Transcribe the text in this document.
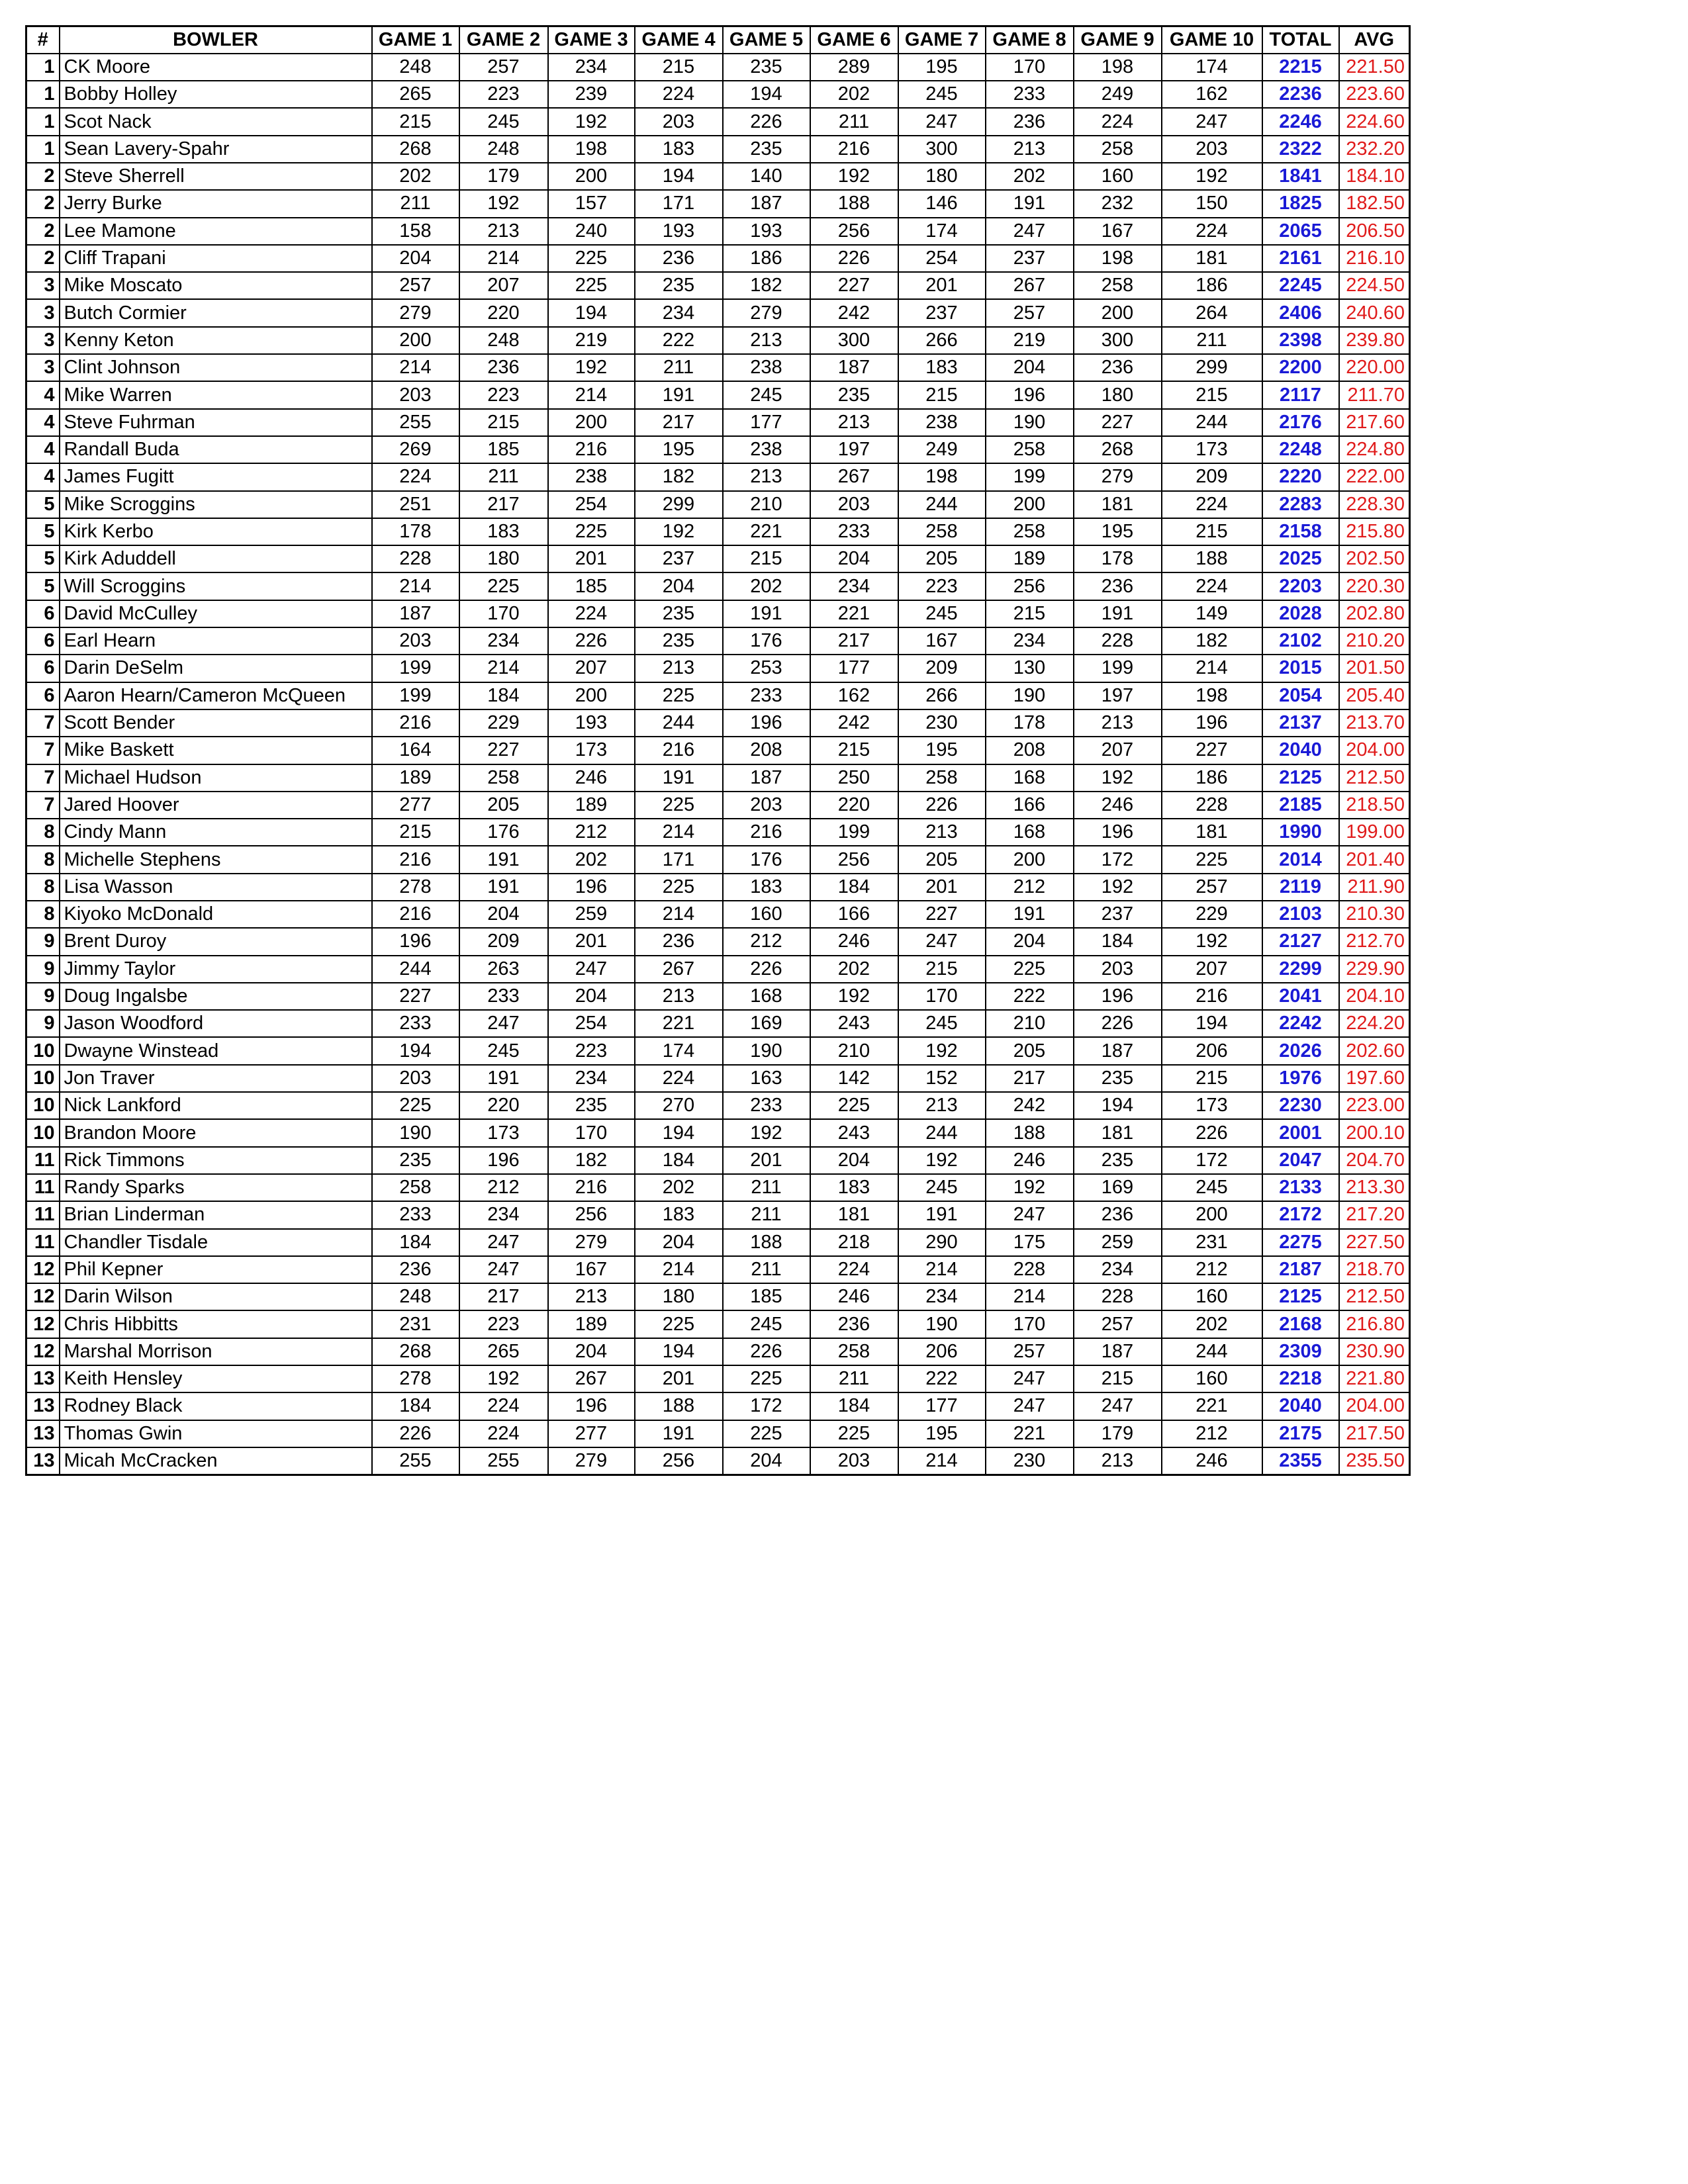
#	BOWLER	GAME 1	GAME 2	GAME 3	GAME 4	GAME 5	GAME 6	GAME 7	GAME 8	GAME 9	GAME 10	TOTAL	AVG
1	CK Moore	248	257	234	215	235	289	195	170	198	174	2215	221.50
1	Bobby Holley	265	223	239	224	194	202	245	233	249	162	2236	223.60
1	Scot Nack	215	245	192	203	226	211	247	236	224	247	2246	224.60
1	Sean Lavery-Spahr	268	248	198	183	235	216	300	213	258	203	2322	232.20
2	Steve Sherrell	202	179	200	194	140	192	180	202	160	192	1841	184.10
2	Jerry Burke	211	192	157	171	187	188	146	191	232	150	1825	182.50
2	Lee Mamone	158	213	240	193	193	256	174	247	167	224	2065	206.50
2	Cliff Trapani	204	214	225	236	186	226	254	237	198	181	2161	216.10
3	Mike Moscato	257	207	225	235	182	227	201	267	258	186	2245	224.50
3	Butch Cormier	279	220	194	234	279	242	237	257	200	264	2406	240.60
3	Kenny Keton	200	248	219	222	213	300	266	219	300	211	2398	239.80
3	Clint Johnson	214	236	192	211	238	187	183	204	236	299	2200	220.00
4	Mike Warren	203	223	214	191	245	235	215	196	180	215	2117	211.70
4	Steve Fuhrman	255	215	200	217	177	213	238	190	227	244	2176	217.60
4	Randall Buda	269	185	216	195	238	197	249	258	268	173	2248	224.80
4	James Fugitt	224	211	238	182	213	267	198	199	279	209	2220	222.00
5	Mike Scroggins	251	217	254	299	210	203	244	200	181	224	2283	228.30
5	Kirk Kerbo	178	183	225	192	221	233	258	258	195	215	2158	215.80
5	Kirk Aduddell	228	180	201	237	215	204	205	189	178	188	2025	202.50
5	Will Scroggins	214	225	185	204	202	234	223	256	236	224	2203	220.30
6	David McCulley	187	170	224	235	191	221	245	215	191	149	2028	202.80
6	Earl Hearn	203	234	226	235	176	217	167	234	228	182	2102	210.20
6	Darin DeSelm	199	214	207	213	253	177	209	130	199	214	2015	201.50
6	Aaron Hearn/Cameron McQueen	199	184	200	225	233	162	266	190	197	198	2054	205.40
7	Scott Bender	216	229	193	244	196	242	230	178	213	196	2137	213.70
7	Mike Baskett	164	227	173	216	208	215	195	208	207	227	2040	204.00
7	Michael Hudson	189	258	246	191	187	250	258	168	192	186	2125	212.50
7	Jared Hoover	277	205	189	225	203	220	226	166	246	228	2185	218.50
8	Cindy Mann	215	176	212	214	216	199	213	168	196	181	1990	199.00
8	Michelle Stephens	216	191	202	171	176	256	205	200	172	225	2014	201.40
8	Lisa Wasson	278	191	196	225	183	184	201	212	192	257	2119	211.90
8	Kiyoko McDonald	216	204	259	214	160	166	227	191	237	229	2103	210.30
9	Brent Duroy	196	209	201	236	212	246	247	204	184	192	2127	212.70
9	Jimmy Taylor	244	263	247	267	226	202	215	225	203	207	2299	229.90
9	Doug Ingalsbe	227	233	204	213	168	192	170	222	196	216	2041	204.10
9	Jason Woodford	233	247	254	221	169	243	245	210	226	194	2242	224.20
10	Dwayne Winstead	194	245	223	174	190	210	192	205	187	206	2026	202.60
10	Jon Traver	203	191	234	224	163	142	152	217	235	215	1976	197.60
10	Nick Lankford	225	220	235	270	233	225	213	242	194	173	2230	223.00
10	Brandon Moore	190	173	170	194	192	243	244	188	181	226	2001	200.10
11	Rick Timmons	235	196	182	184	201	204	192	246	235	172	2047	204.70
11	Randy Sparks	258	212	216	202	211	183	245	192	169	245	2133	213.30
11	Brian Linderman	233	234	256	183	211	181	191	247	236	200	2172	217.20
11	Chandler Tisdale	184	247	279	204	188	218	290	175	259	231	2275	227.50
12	Phil Kepner	236	247	167	214	211	224	214	228	234	212	2187	218.70
12	Darin Wilson	248	217	213	180	185	246	234	214	228	160	2125	212.50
12	Chris Hibbitts	231	223	189	225	245	236	190	170	257	202	2168	216.80
12	Marshal Morrison	268	265	204	194	226	258	206	257	187	244	2309	230.90
13	Keith Hensley	278	192	267	201	225	211	222	247	215	160	2218	221.80
13	Rodney Black	184	224	196	188	172	184	177	247	247	221	2040	204.00
13	Thomas Gwin	226	224	277	191	225	225	195	221	179	212	2175	217.50
13	Micah McCracken	255	255	279	256	204	203	214	230	213	246	2355	235.50
